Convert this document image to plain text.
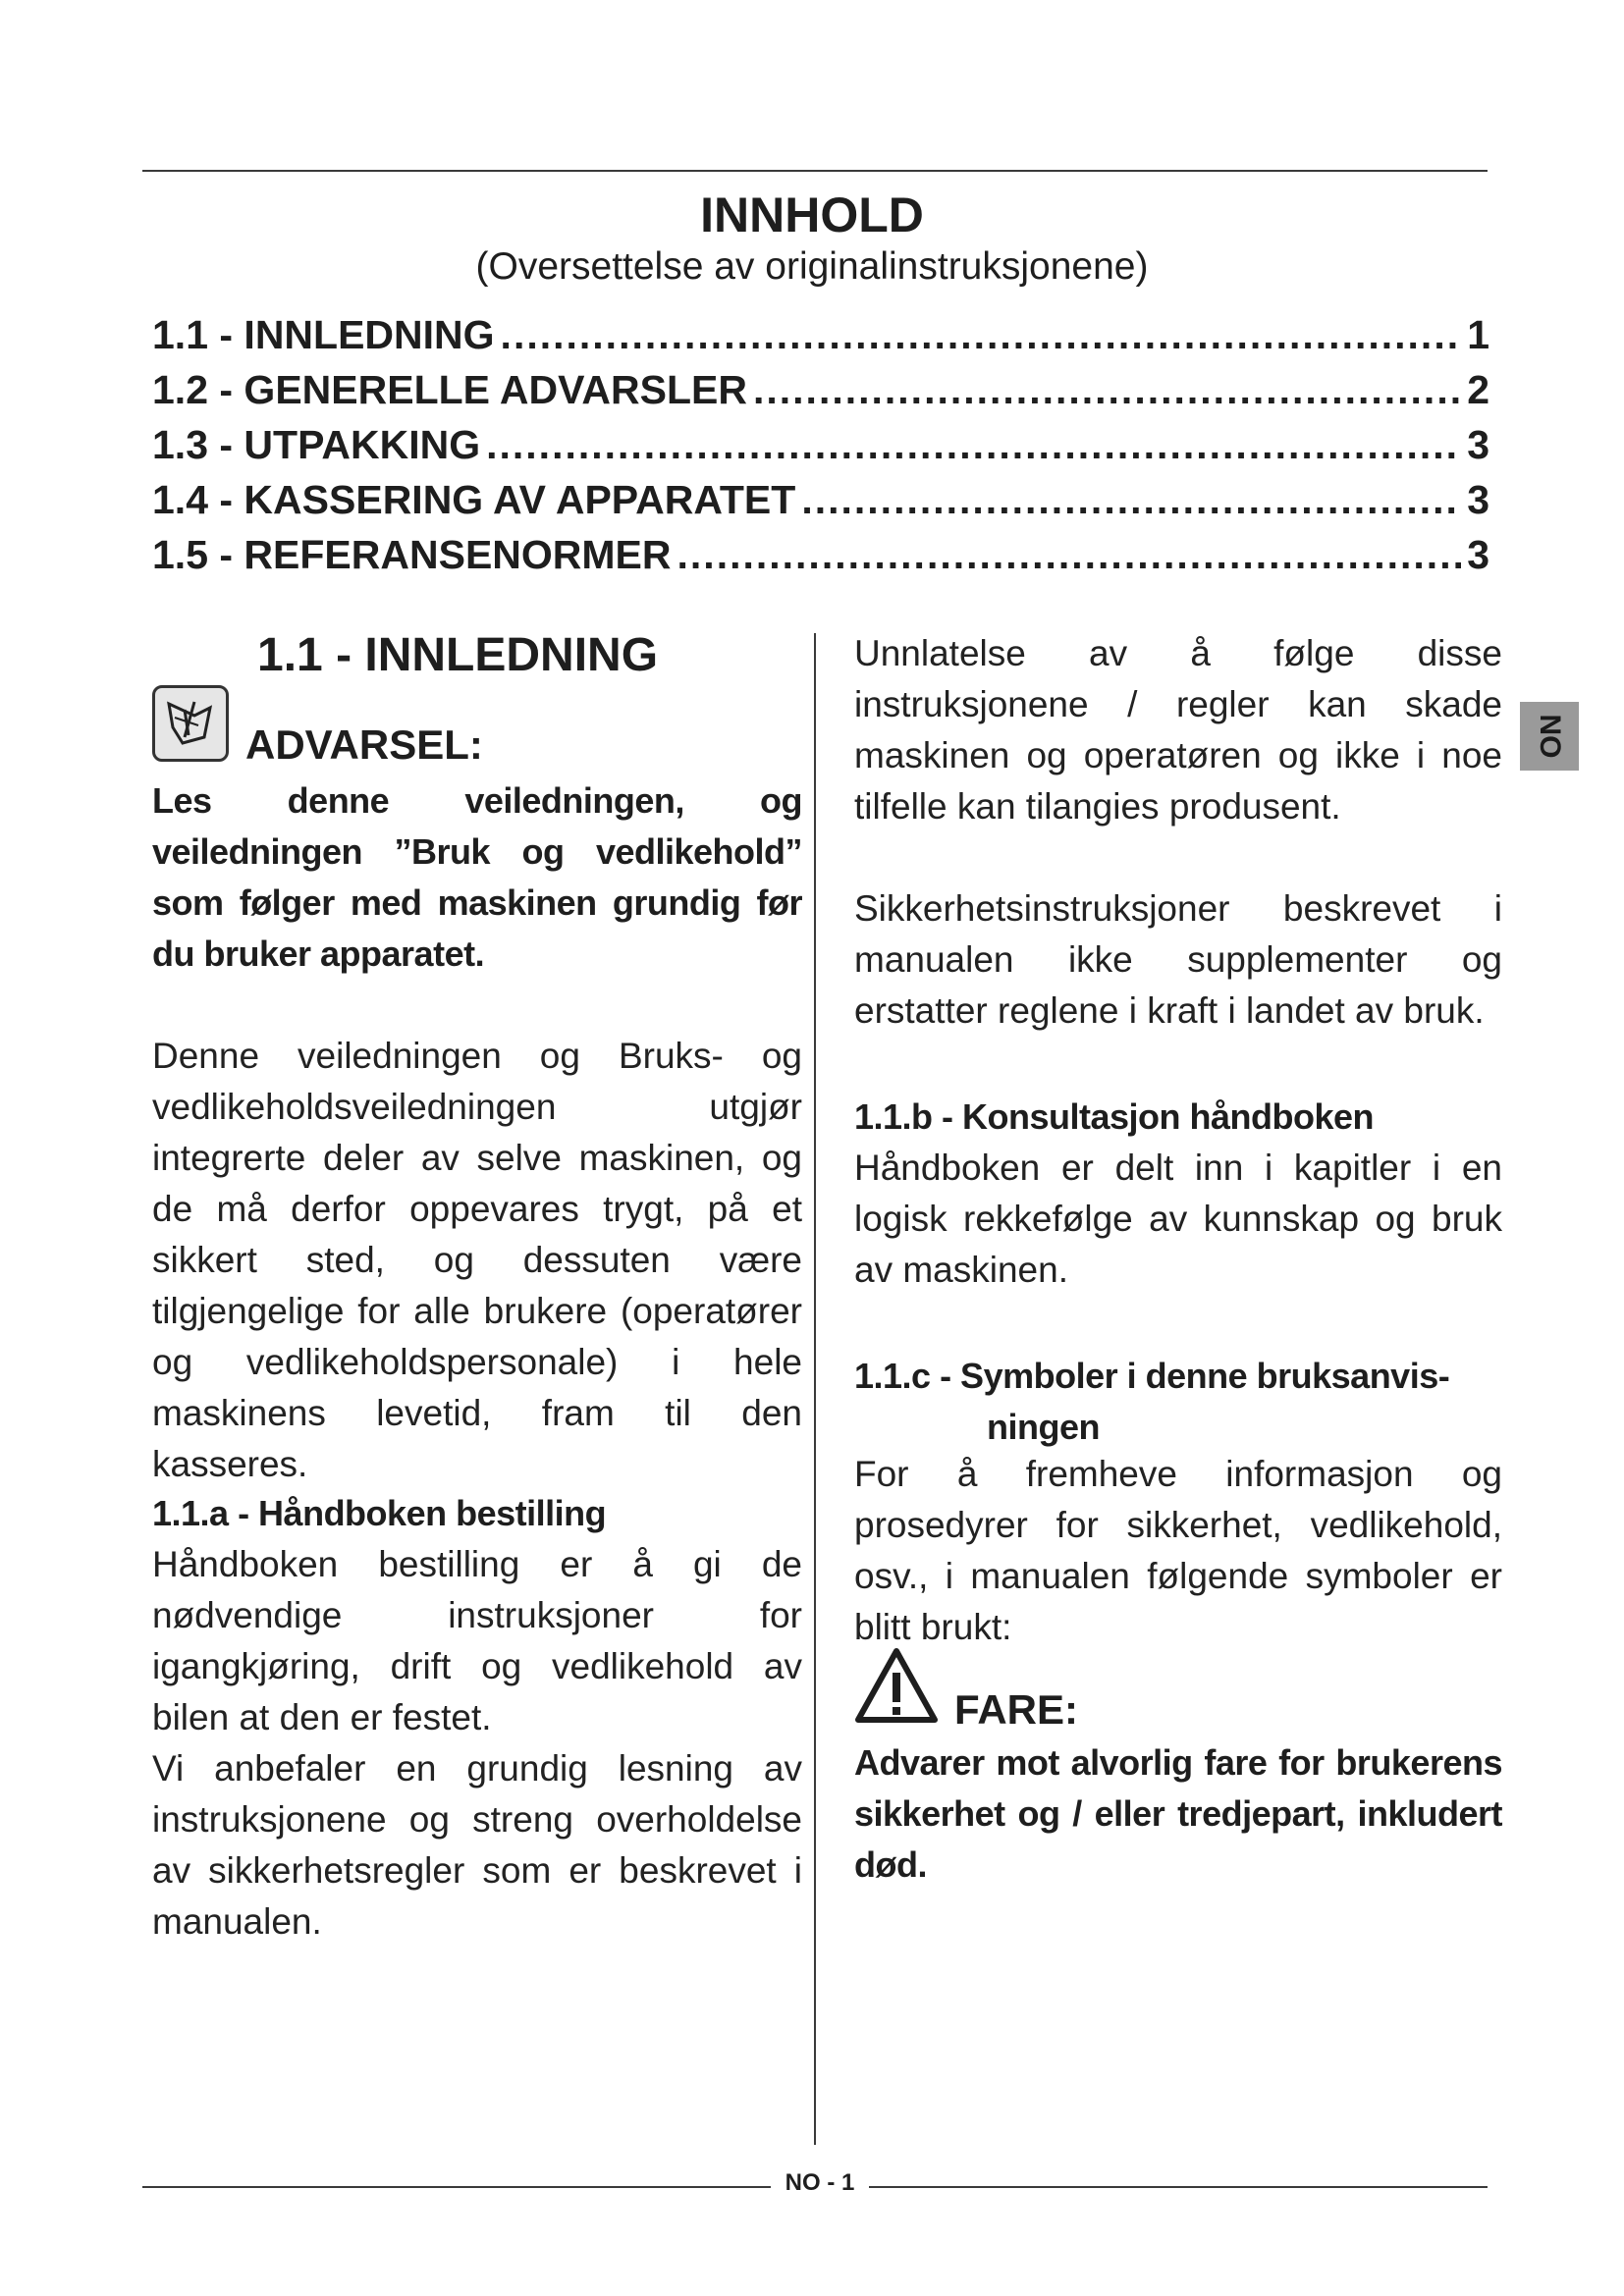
INNHOLD
(Oversettelse av originalinstruksjonene)
1.1 - INNLEDNING .....	1
1.2 - GENERELLE ADVARSLER .....	2
1.3 - UTPAKKING .....	3
1.4 - KASSERING AV APPARATET .....	3
1.5 - REFERANSENORMER .....	3
1.1 - INNLEDNING
ADVARSEL:

Les denne veiledningen, og veiledningen ”Bruk og vedlikehold” som følger med maskinen grundig før du bruker apparatet.

Denne veiledningen og Bruks- og vedlikeholdsveiledningen utgjør integrerte deler av selve maskinen, og de må derfor oppevares trygt, på et sikkert sted, og dessuten være tilgjengelige for alle brukere (operatører og vedlikeholdspersonale) i hele maskinens levetid, fram til den kasseres.

1.1.a - Håndboken bestilling

Håndboken bestilling er å gi de nødvendige instruksjoner for igangkjøring, drift og vedlikehold av bilen at den er festet.

Vi anbefaler en grundig lesning av instruksjonene og streng overholdelse av sikkerhetsregler som er beskrevet i manualen.

Unnlatelse av å følge disse instruksjonene / regler kan skade maskinen og operatøren og ikke i noe tilfelle kan tilangies produsent.

Sikkerhetsinstruksjoner beskrevet i manualen ikke supplementer og erstatter reglene i kraft i landet av bruk.

1.1.b - Konsultasjon håndboken

Håndboken er delt inn i kapitler i en logisk rekkefølge av kunnskap og bruk av maskinen.

1.1.c - Symboler i denne bruksanvis-
ningen

For å fremheve informasjon og prosedyrer for sikkerhet, vedlikehold, osv., i manualen følgende symboler er blitt brukt:

FARE:

Advarer mot alvorlig fare for brukerens sikkerhet og / eller tredjepart, inkludert død.

NO
NO - 1
